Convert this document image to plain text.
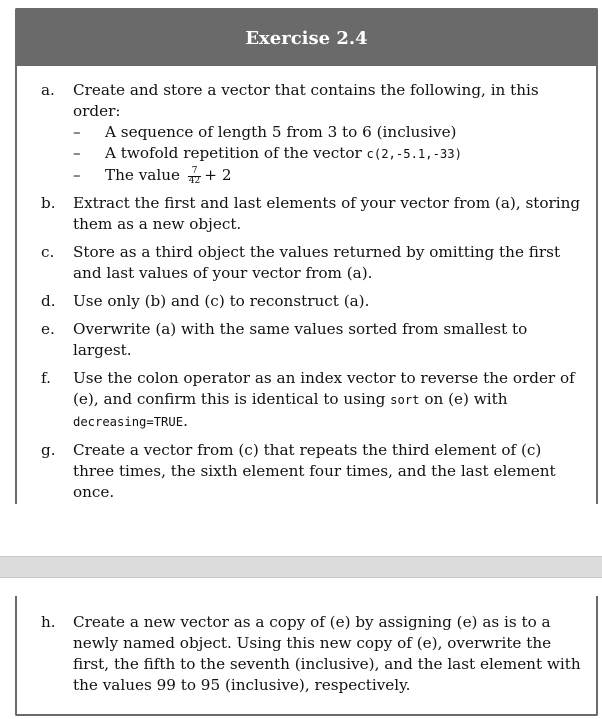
Exercise 2.4
a. Create and store a vector that contains the following, in this order:
– A sequence of length 5 from 3 to 6 (inclusive)
– A twofold repetition of the vector c(2,-5.1,-33)
– The value $\frac{7}{42} + 2$
b. Extract the first and last elements of your vector from (a), storing them as a new object.
c. Store as a third object the values returned by omitting the first and last values of your vector from (a).
d. Use only (b) and (c) to reconstruct (a).
e. Overwrite (a) with the same values sorted from smallest to largest.
f. Use the colon operator as an index vector to reverse the order of (e), and confirm this is identical to using sort on (e) with decreasing=TRUE.
g. Create a vector from (c) that repeats the third element of (c) three times, the sixth element four times, and the last element once.
h. Create a new vector as a copy of (e) by assigning (e) as is to a newly named object. Using this new copy of (e), overwrite the first, the fifth to the seventh (inclusive), and the last element with the values 99 to 95 (inclusive), respectively.
